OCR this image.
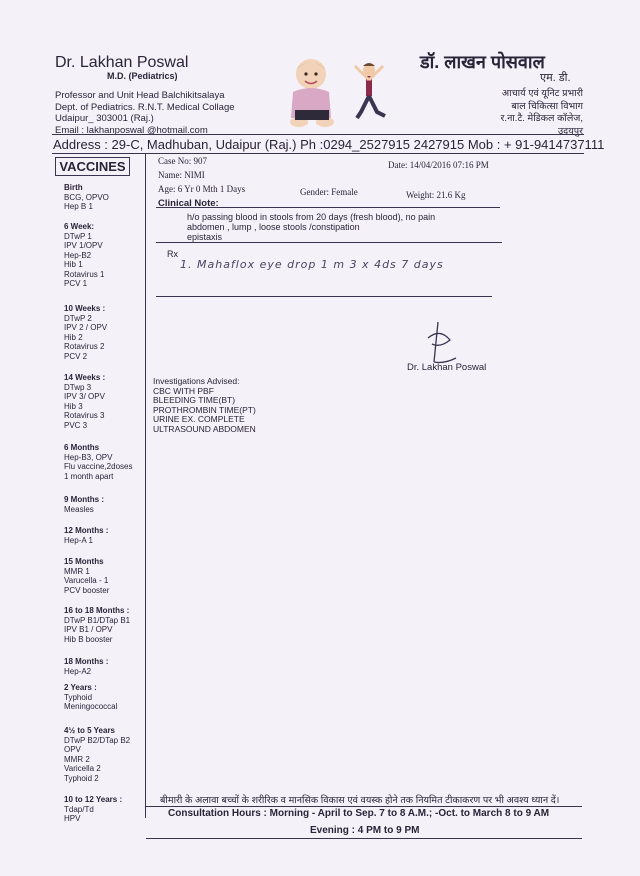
Dr. Lakhan Poswal
M.D. (Pediatrics)
Professor and Unit Head Balchikitsalaya
Dept. of Pediatrics. R.N.T. Medical Collage
Udaipur_ 303001 (Raj.)
Email : lakhanposwal @hotmail.com
डॉ. लाखन पोसवाल
एम. डी.
आचार्य एवं यूनिट प्रभारी
बाल चिकित्सा विभाग
र.ना.टै. मेडिकल कॉलेज, उदयपुर
Address : 29-C, Madhuban, Udaipur (Raj.) Ph :0294_2527915 2427915 Mob : + 91-9414737111
VACCINES
Birth
BCG, OPVO
Hep B 1
6 Week:
DTwP 1
IPV 1/OPV
Hep-B2
Hib 1
Rotavirus 1
PCV 1
10 Weeks :
DTwP 2
IPV 2 / OPV
Hib 2
Rotavirus 2
PCV 2
14 Weeks :
DTwp 3
IPV 3/ OPV
Hib 3
Rotavirus 3
PVC 3
6 Months
Hep-B3, OPV
Flu vaccine,2doses
1 month apart
9 Months :
Measles
12 Months :
Hep-A 1
15 Months
MMR 1
Varucella - 1
PCV booster
16 to 18 Months :
DTwP B1/DTap B1
IPV B1 / OPV
Hib B booster
18 Months :
Hep-A2
2 Years :
Typhoid
Meningococcal
4½ to 5 Years
DTwP B2/DTap B2
OPV
MMR 2
Varicella 2
Typhoid 2
10 to 12 Years :
Tdap/Td
HPV
Case No: 907	Date: 14/04/2016 07:16 PM
Name: NIMI
Age: 6 Yr 0 Mth 1 Days	Gender: Female	Weight: 21.6 Kg
Clinical Note:
h/o passing blood in stools from 20 days (fresh blood), no pain
abdomen , lump , loose stools /constipation
epistaxis
Rx
1. Mahaflox eye drop 1 m 3 x 4ds 7 days
Dr. Lakhan Poswal
Investigations Advised:
CBC WITH PBF
BLEEDING TIME(BT)
PROTHROMBIN TIME(PT)
URINE EX. COMPLETE
ULTRASOUND ABDOMEN
बीमारी के अलावा बच्चों के शरीरिक व मानसिक विकास एवं वयस्क होने तक नियमित टीकाकरण पर भी अवश्य ध्यान दें।
Consultation Hours : Morning - April to Sep. 7 to 8 A.M.; -Oct. to March 8 to 9 AM
Evening : 4 PM to 9 PM
